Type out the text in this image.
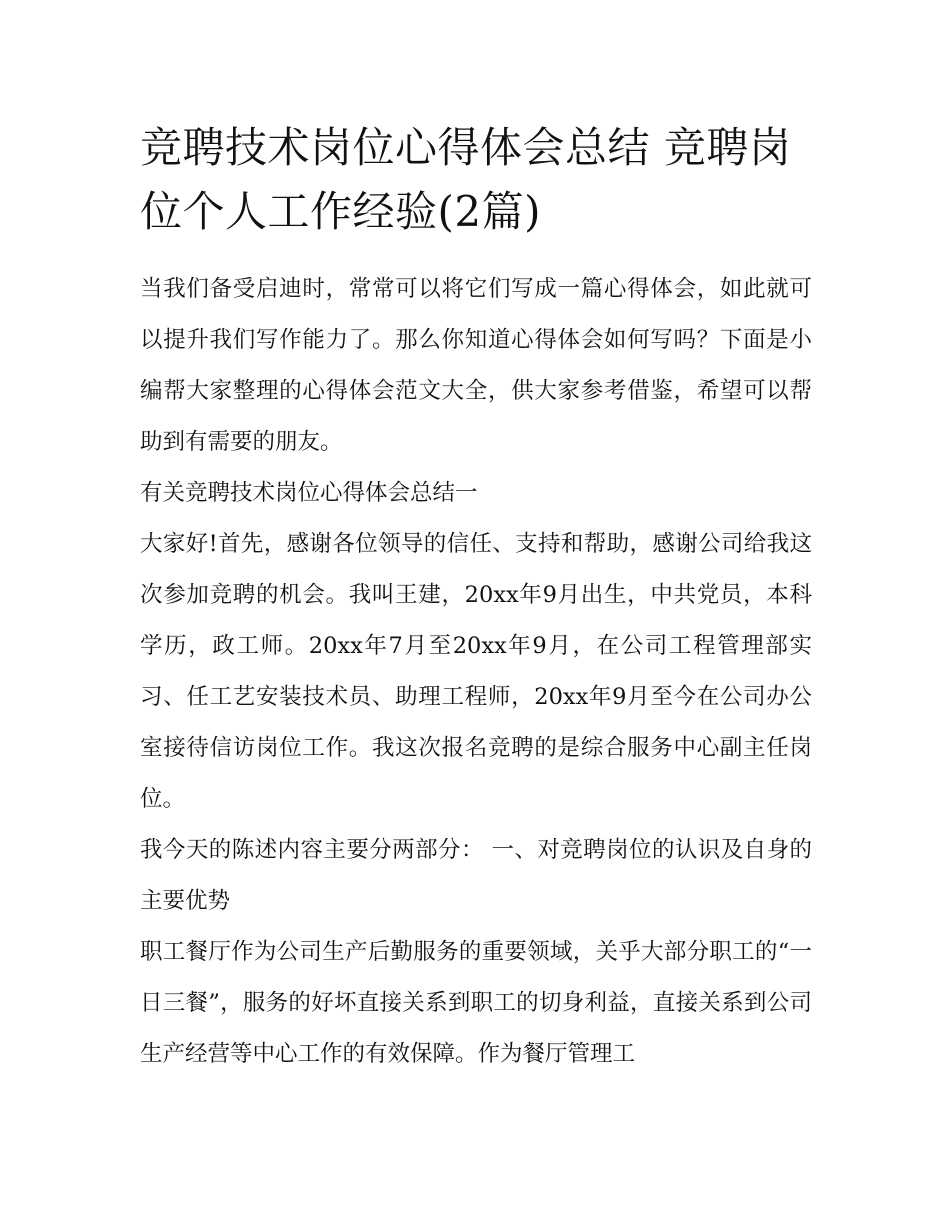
竞聘技术岗位心得体会总结 竞聘岗位个人工作经验(2篇)

当我们备受启迪时，常常可以将它们写成一篇心得体会，如此就可以提升我们写作能力了。那么你知道心得体会如何写吗？下面是小编帮大家整理的心得体会范文大全，供大家参考借鉴，希望可以帮助到有需要的朋友。

有关竞聘技术岗位心得体会总结一

大家好!首先，感谢各位领导的信任、支持和帮助，感谢公司给我这次参加竞聘的机会。我叫王建，20xx年9月出生，中共党员，本科学历，政工师。20xx年7月至20xx年9月，在公司工程管理部实习、任工艺安装技术员、助理工程师，20xx年9月至今在公司办公室接待信访岗位工作。我这次报名竞聘的是综合服务中心副主任岗位。

我今天的陈述内容主要分两部分： 一、对竞聘岗位的认识及自身的主要优势

职工餐厅作为公司生产后勤服务的重要领域，关乎大部分职工的“一日三餐”，服务的好坏直接关系到职工的切身利益，直接关系到公司生产经营等中心工作的有效保障。作为餐厅管理工
